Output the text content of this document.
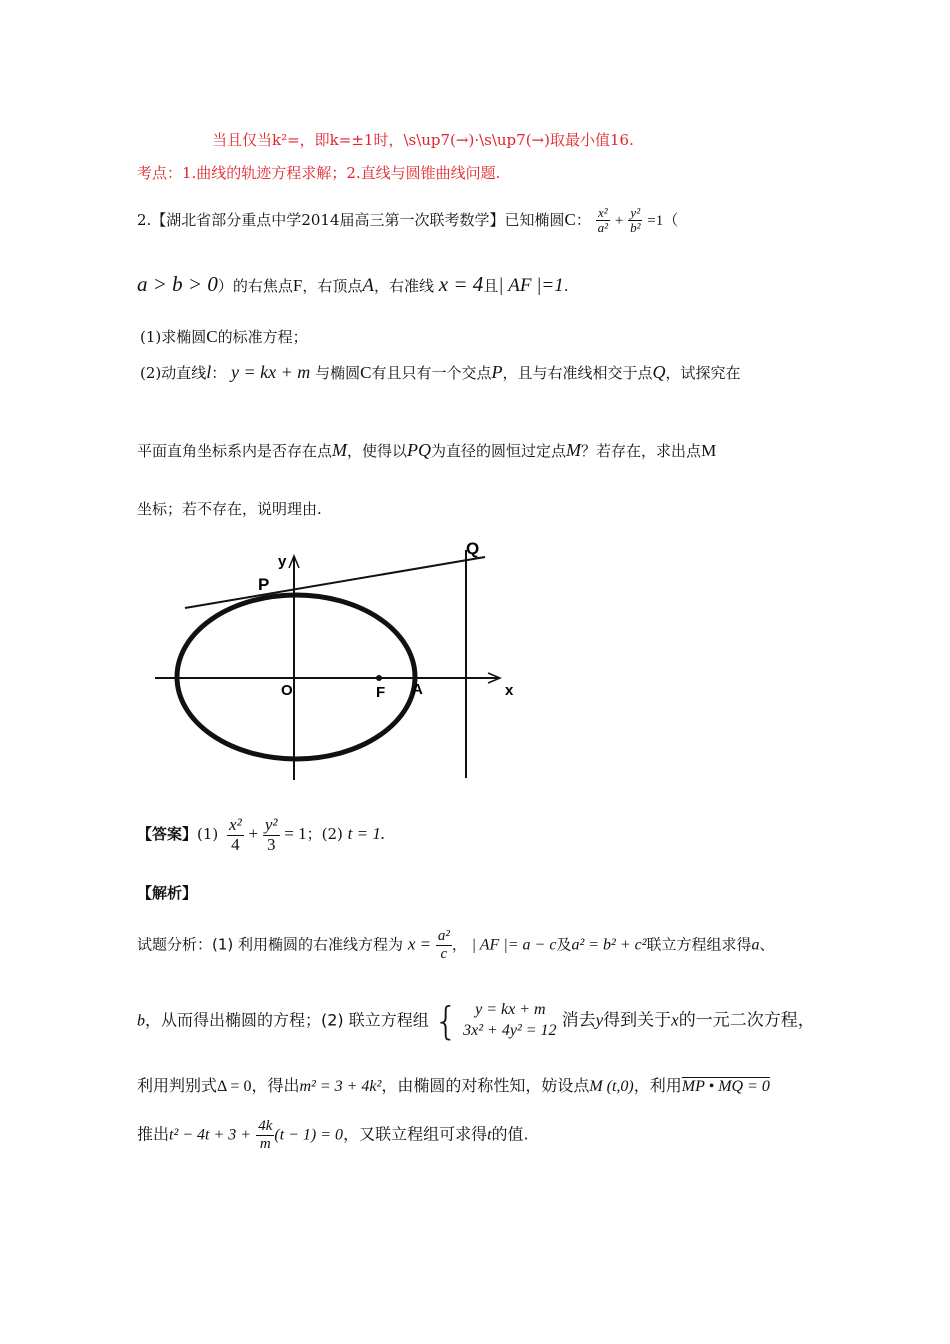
当且仅当k²=，即k=±1时，\s\up7(→)·\s\up7(→)取最小值16.
考点：1.曲线的轨迹方程求解；2.直线与圆锥曲线问题.
2.【湖北省部分重点中学2014届高三第一次联考数学】已知椭圆C： $\frac{\text{x²}}{\text{a²}} + \frac{\text{y²}}{\text{b²}} =1$（
a > b > 0）的右焦点F，右顶点A，右准线 x = 4且| AF |=1.
(1)求椭圆C的标准方程；
(2)动直线l： y = kx + m 与椭圆C有且只有一个交点P，且与右准线相交于点Q，试探究在
平面直角坐标系内是否存在点M，使得以PQ为直径的圆恒过定点M？若存在，求出点M
坐标；若不存在，说明理由.
y
x
O	F A
P
Q
【答案】$(1) \frac{\text{x²}}{4} + \frac{\text{y²}}{3} = 1$；(2) t = 1.
【解析】
试题分析：(1) 利用椭圆的右准线方程为 $x = \frac{\text{a²}}{c}$ ， | AF |= a − c及a² = b² + c²联立方程组求得a、
b，从而得出椭圆的方程；(2) 联立方程组 { y = kx + m
3x² + 4y² = 12 消去y得到关于x的一元二次方程，
利用判别式Δ = 0，得出m² = 3 + 4k²，由椭圆的对称性知，妨设点M (t,0)，利用MP • MQ = 0
推出$t^2 - 4t + 3 + \frac{4k}{m} (t - 1) = 0$，又联立程组可求得t的值.
